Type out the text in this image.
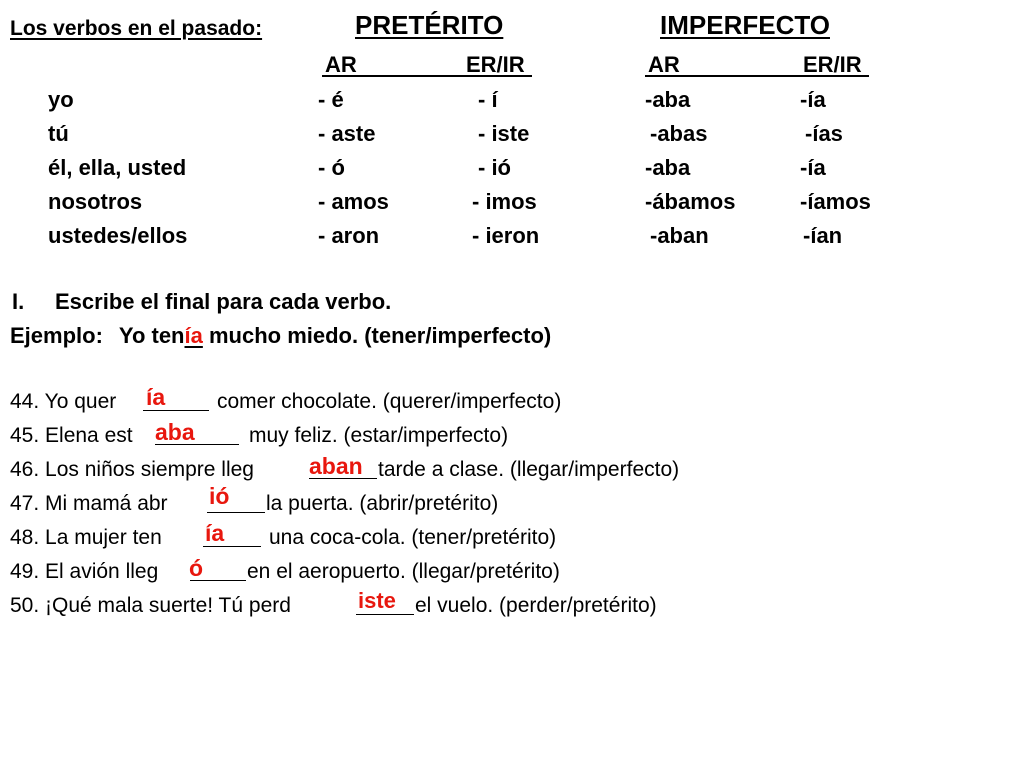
Los verbos en el pasado:	PRETÉRITO	IMPERFECTO
AR	ER/IR	AR	ER/IR
yo	- é	- í	-aba	-ía
tú	- aste	- iste	-abas	-ías
él, ella, usted	- ó	- ió	-aba	-ía
nosotros	- amos	- imos	-ábamos	-íamos
ustedes/ellos	- aron	- ieron	-aban	-ían
I. Escribe el final para cada verbo.
Ejemplo: Yo tenía mucho miedo. (tener/imperfecto)
44. Yo quer ía comer chocolate. (querer/imperfecto)
45. Elena est aba	muy feliz. (estar/imperfecto)
46. Los niños siempre lleg aban tarde a clase. (llegar/imperfecto)
47. Mi mamá abr ió la puerta. (abrir/pretérito)
48. La mujer ten ía una coca-cola. (tener/pretérito)
49. El avión lleg ó en el aeropuerto. (llegar/pretérito)
50. ¡Qué mala suerte! Tú perd	iste el vuelo. (perder/pretérito)
